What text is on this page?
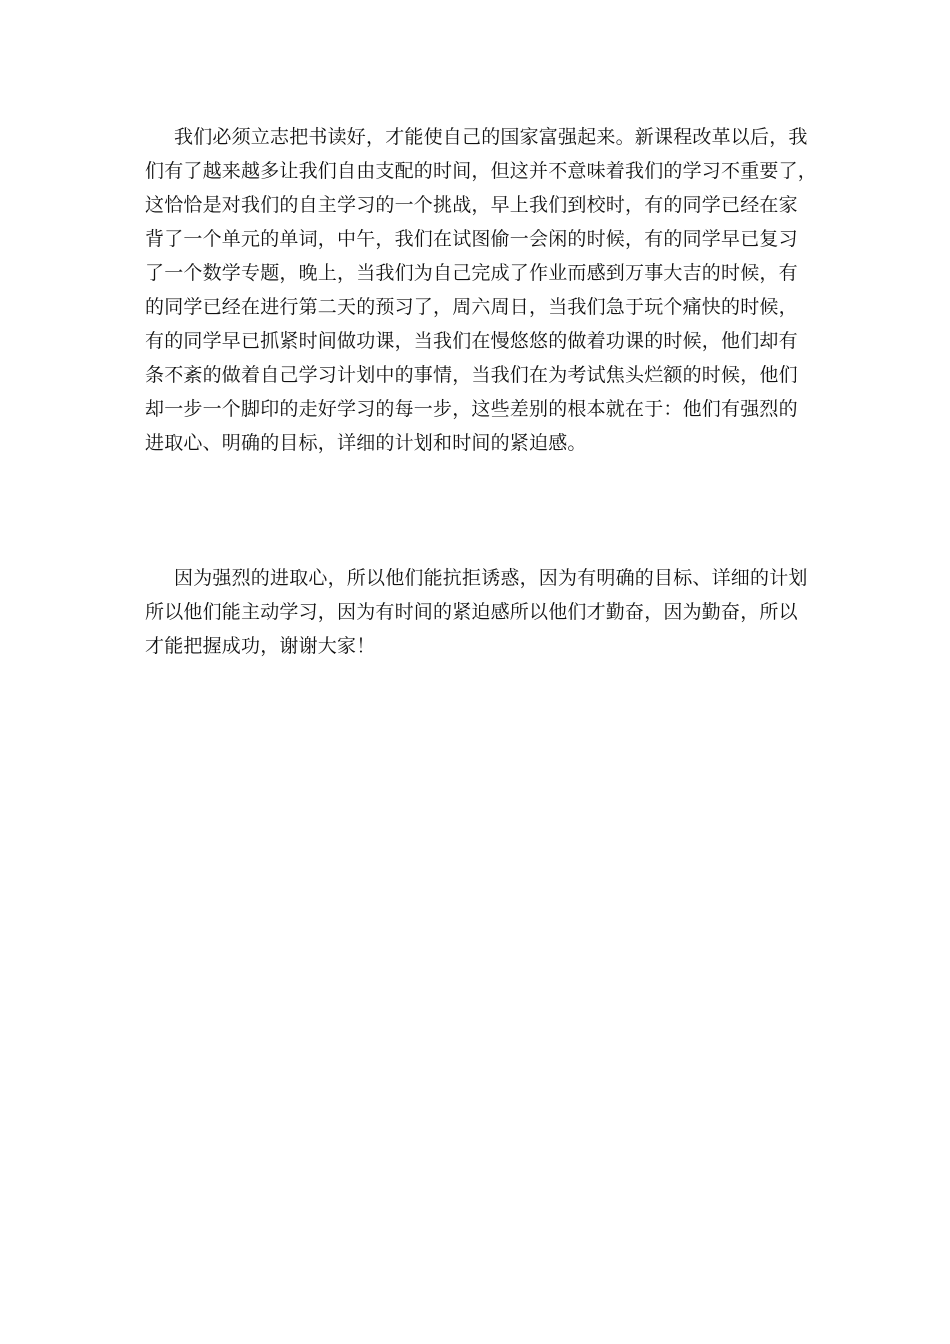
我们必须立志把书读好，才能使自己的国家富强起来。新课程改革以后，我
们有了越来越多让我们自由支配的时间，但这并不意味着我们的学习不重要了，
这恰恰是对我们的自主学习的一个挑战，早上我们到校时，有的同学已经在家
背了一个单元的单词，中午，我们在试图偷一会闲的时候，有的同学早已复习
了一个数学专题，晚上，当我们为自己完成了作业而感到万事大吉的时候，有
的同学已经在进行第二天的预习了，周六周日，当我们急于玩个痛快的时候，
有的同学早已抓紧时间做功课，当我们在慢悠悠的做着功课的时候，他们却有
条不紊的做着自己学习计划中的事情，当我们在为考试焦头烂额的时候，他们
却一步一个脚印的走好学习的每一步，这些差别的根本就在于：他们有强烈的
进取心、明确的目标，详细的计划和时间的紧迫感。

因为强烈的进取心，所以他们能抗拒诱惑，因为有明确的目标、详细的计划
所以他们能主动学习，因为有时间的紧迫感所以他们才勤奋，因为勤奋，所以
才能把握成功，谢谢大家！
